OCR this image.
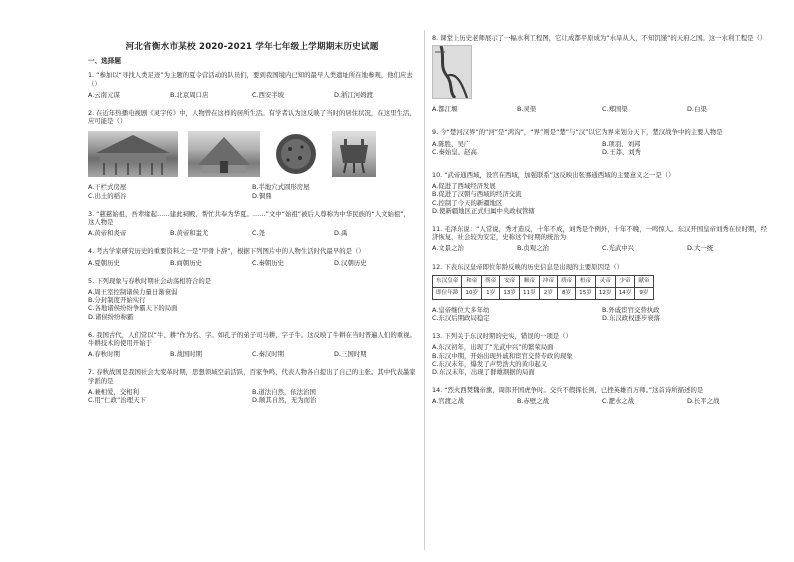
河北省衡水市某校 2020-2021 学年七年级上学期期末历史试题
一、选择题
1. “参加以“寻找人类足迹”为主题的夏令营活动的队员们，要到我国境内已知的最早人类遗址所在地参观，他们应去（）
A.云南元谋	B.北京周口店	C.西安半坡	D.浙江河姆渡
2. 在近年热播电视剧《灵宇传》中，人物曾在这样的居所生活。有学者认为这反映了当时的居住状况，在这里生活，应可能是（）
A.干栏式房屋	B.半地穴式圆形房屋
C.出土的稻谷	D.铜鼎
3. “慈慈始祖，吾辈缘起……建此祠殿，帮忙共奉为华夏。……”文中“始祖”被后人尊称为中华民族的“人文始祖”，这人物是
A.黄帝和炎帝	B.黄帝和蚩尤	C.尧	D.禹
4. 考古学家研究历史的重要资料之一是“甲骨卜辞”，根据下列图片中的人物生活时代最早的是（）
A.夏朝历史	B.商朝历史	C.秦朝历史	D.汉朝历史
5. 下列现象与春秋时期社会动荡相符合的是
A.周王室控制诸侯力量日渐衰弱
B.分封制度开始实行
C.各地诸侯纷纷争霸天下的局面
D.诸侯纷纷称霸
6. 我国古代，人们常以“牛、耕”作为名、字。如孔子的弟子司马耕，字子牛。这反映了牛耕在当时普遍人们的重视。牛耕技术的使用开始于
A.春秋时期	B.战国时期	C.秦汉时期	D.三国时期
7. 春秋战国是我国社会大变革时期，思想领域空前活跃，百家争鸣，代表人物各自提出了自己的主张。其中代表墨家学派的是
A.兼相爱，交相利	B.道法自然，依法治国
C.用“仁政”治理天下	D.顺其自然，无为而治
8. 课堂上历史老师展示了一幅水利工程图，它让成都平原成为“水旱从人，不知饥馑”的天府之国。这一水利工程是（）
A.都江堰	B.灵渠	C.郑国渠	D.白渠
9. 今“楚河汉界”的“河”是“鸿沟”，“界”则是“楚”与“汉”以它为界来划分天下，楚汉战争中的主要人物是
A.陈胜、吴广	B.项羽、刘邦
C.秦始皇、赵高	D.王莽、刘秀
10. “武帝通西域，设官在西域，加强联系”这反映出张骞通西域的主要意义之一是（）
A.促进了西域经济发展
B.促进了汉朝与西域的经济交流
C.控制了今天的新疆地区
D.使新疆地区正式归属中央政权管辖
11. 毛泽东说：“人常说，秀才造反，十年不成，刘秀是个例外，十年不晚，一鸣惊人。东汉开国皇帝刘秀在位时期，经济恢复，社会较为安定，史称这个时期的统治为
A.文景之治	B.贞观之治	C.光武中兴	D.大一统
12. 下表东汉皇帝即位年龄反映的历史信息是出现的主要原因是（）
东汉皇帝	和帝	殇帝	安帝	顺帝	冲帝	质帝	桓帝	灵帝	少帝	献帝
即位年龄	10岁	1岁	13岁	11岁	2岁	8岁	15岁	12岁	14岁	9岁
A.皇帝继位大多年幼	B.外戚宦官交替执政
C.东汉后期政局稳定	D.东汉政权逐步衰落
13. 下列关于东汉时期的史实，错误的一项是（）
A.东汉初年，出现了“光武中兴”的繁荣局面
B.东汉中期，开始出现外戚和宦官交替专政的现象
C.东汉末年，爆发了声势浩大的黄巾起义
D.东汉末年，出现了群雄割据的局面
14. “烈火西焚魏帝旗，周郎开国虎争时。交兵不假挥长剑，已挫英雄百万师。”这首诗所描述的是
A.官渡之战	B.赤壁之战	C.淝水之战	D.长平之战
